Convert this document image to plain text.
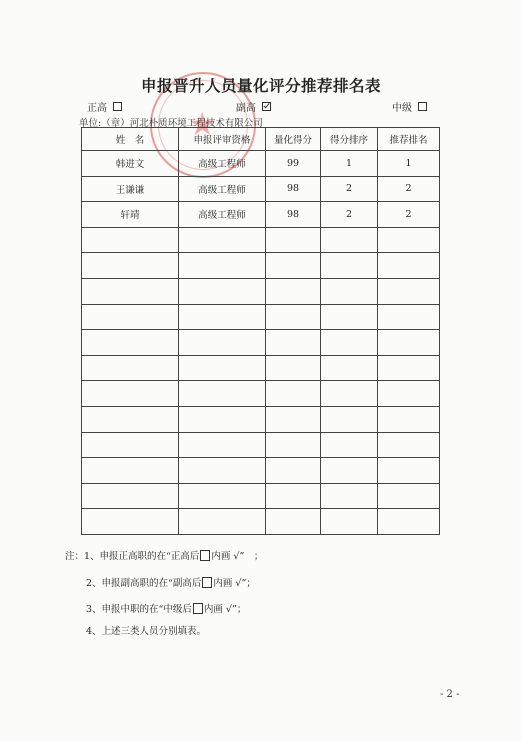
★
申报晋升人员量化评分推荐排名表
正高	副高	中级
单位:（章）河北朴质环境工程技术有限公司
姓　名	申报评审资格	量化得分	得分排序	推荐排名
韩进文	高级工程师	99	1	1
王谦谦	高级工程师	98	2	2
轩靖	高级工程师	98	2	2

注：1、申报正高职的在“正高后 内画 √”　；
2、申报副高职的在“副高后 内画 √”；
3、申报中职的在“中级后 内画 √”；
4、上述三类人员分别填表。
- 2 -
